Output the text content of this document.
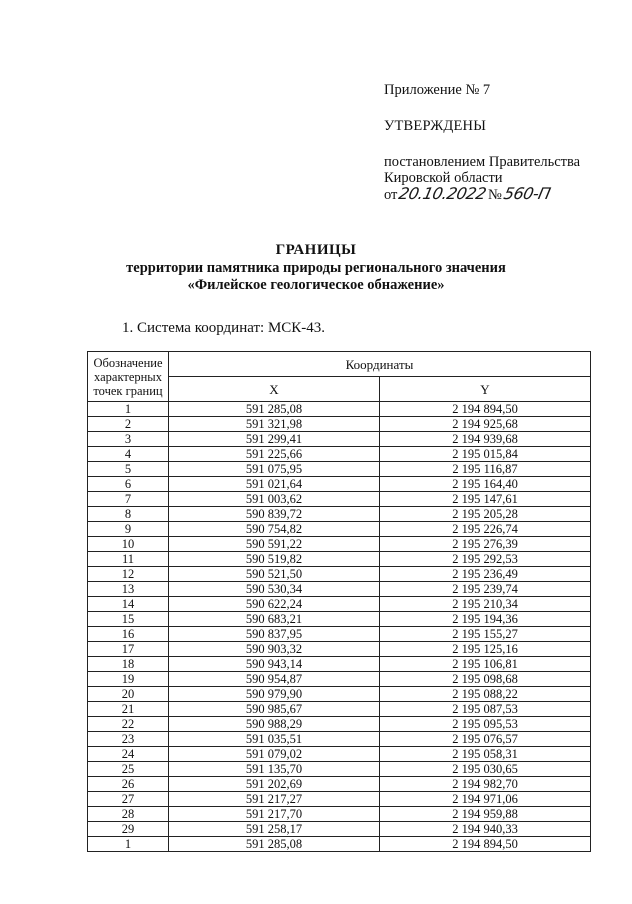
Приложение № 7
УТВЕРЖДЕНЫ
постановлением Правительства
Кировской области
от 20.10.2022 № 560-П
ГРАНИЦЫ
территории памятника природы регионального значения
«Филейское геологическое обнажение»
1. Система координат: МСК-43.
Обозначение характерных точек границ	Координаты	
	X	Y
1	591 285,08	2 194 894,50
2	591 321,98	2 194 925,68
3	591 299,41	2 194 939,68
4	591 225,66	2 195 015,84
5	591 075,95	2 195 116,87
6	591 021,64	2 195 164,40
7	591 003,62	2 195 147,61
8	590 839,72	2 195 205,28
9	590 754,82	2 195 226,74
10	590 591,22	2 195 276,39
11	590 519,82	2 195 292,53
12	590 521,50	2 195 236,49
13	590 530,34	2 195 239,74
14	590 622,24	2 195 210,34
15	590 683,21	2 195 194,36
16	590 837,95	2 195 155,27
17	590 903,32	2 195 125,16
18	590 943,14	2 195 106,81
19	590 954,87	2 195 098,68
20	590 979,90	2 195 088,22
21	590 985,67	2 195 087,53
22	590 988,29	2 195 095,53
23	591 035,51	2 195 076,57
24	591 079,02	2 195 058,31
25	591 135,70	2 195 030,65
26	591 202,69	2 194 982,70
27	591 217,27	2 194 971,06
28	591 217,70	2 194 959,88
29	591 258,17	2 194 940,33
1	591 285,08	2 194 894,50
